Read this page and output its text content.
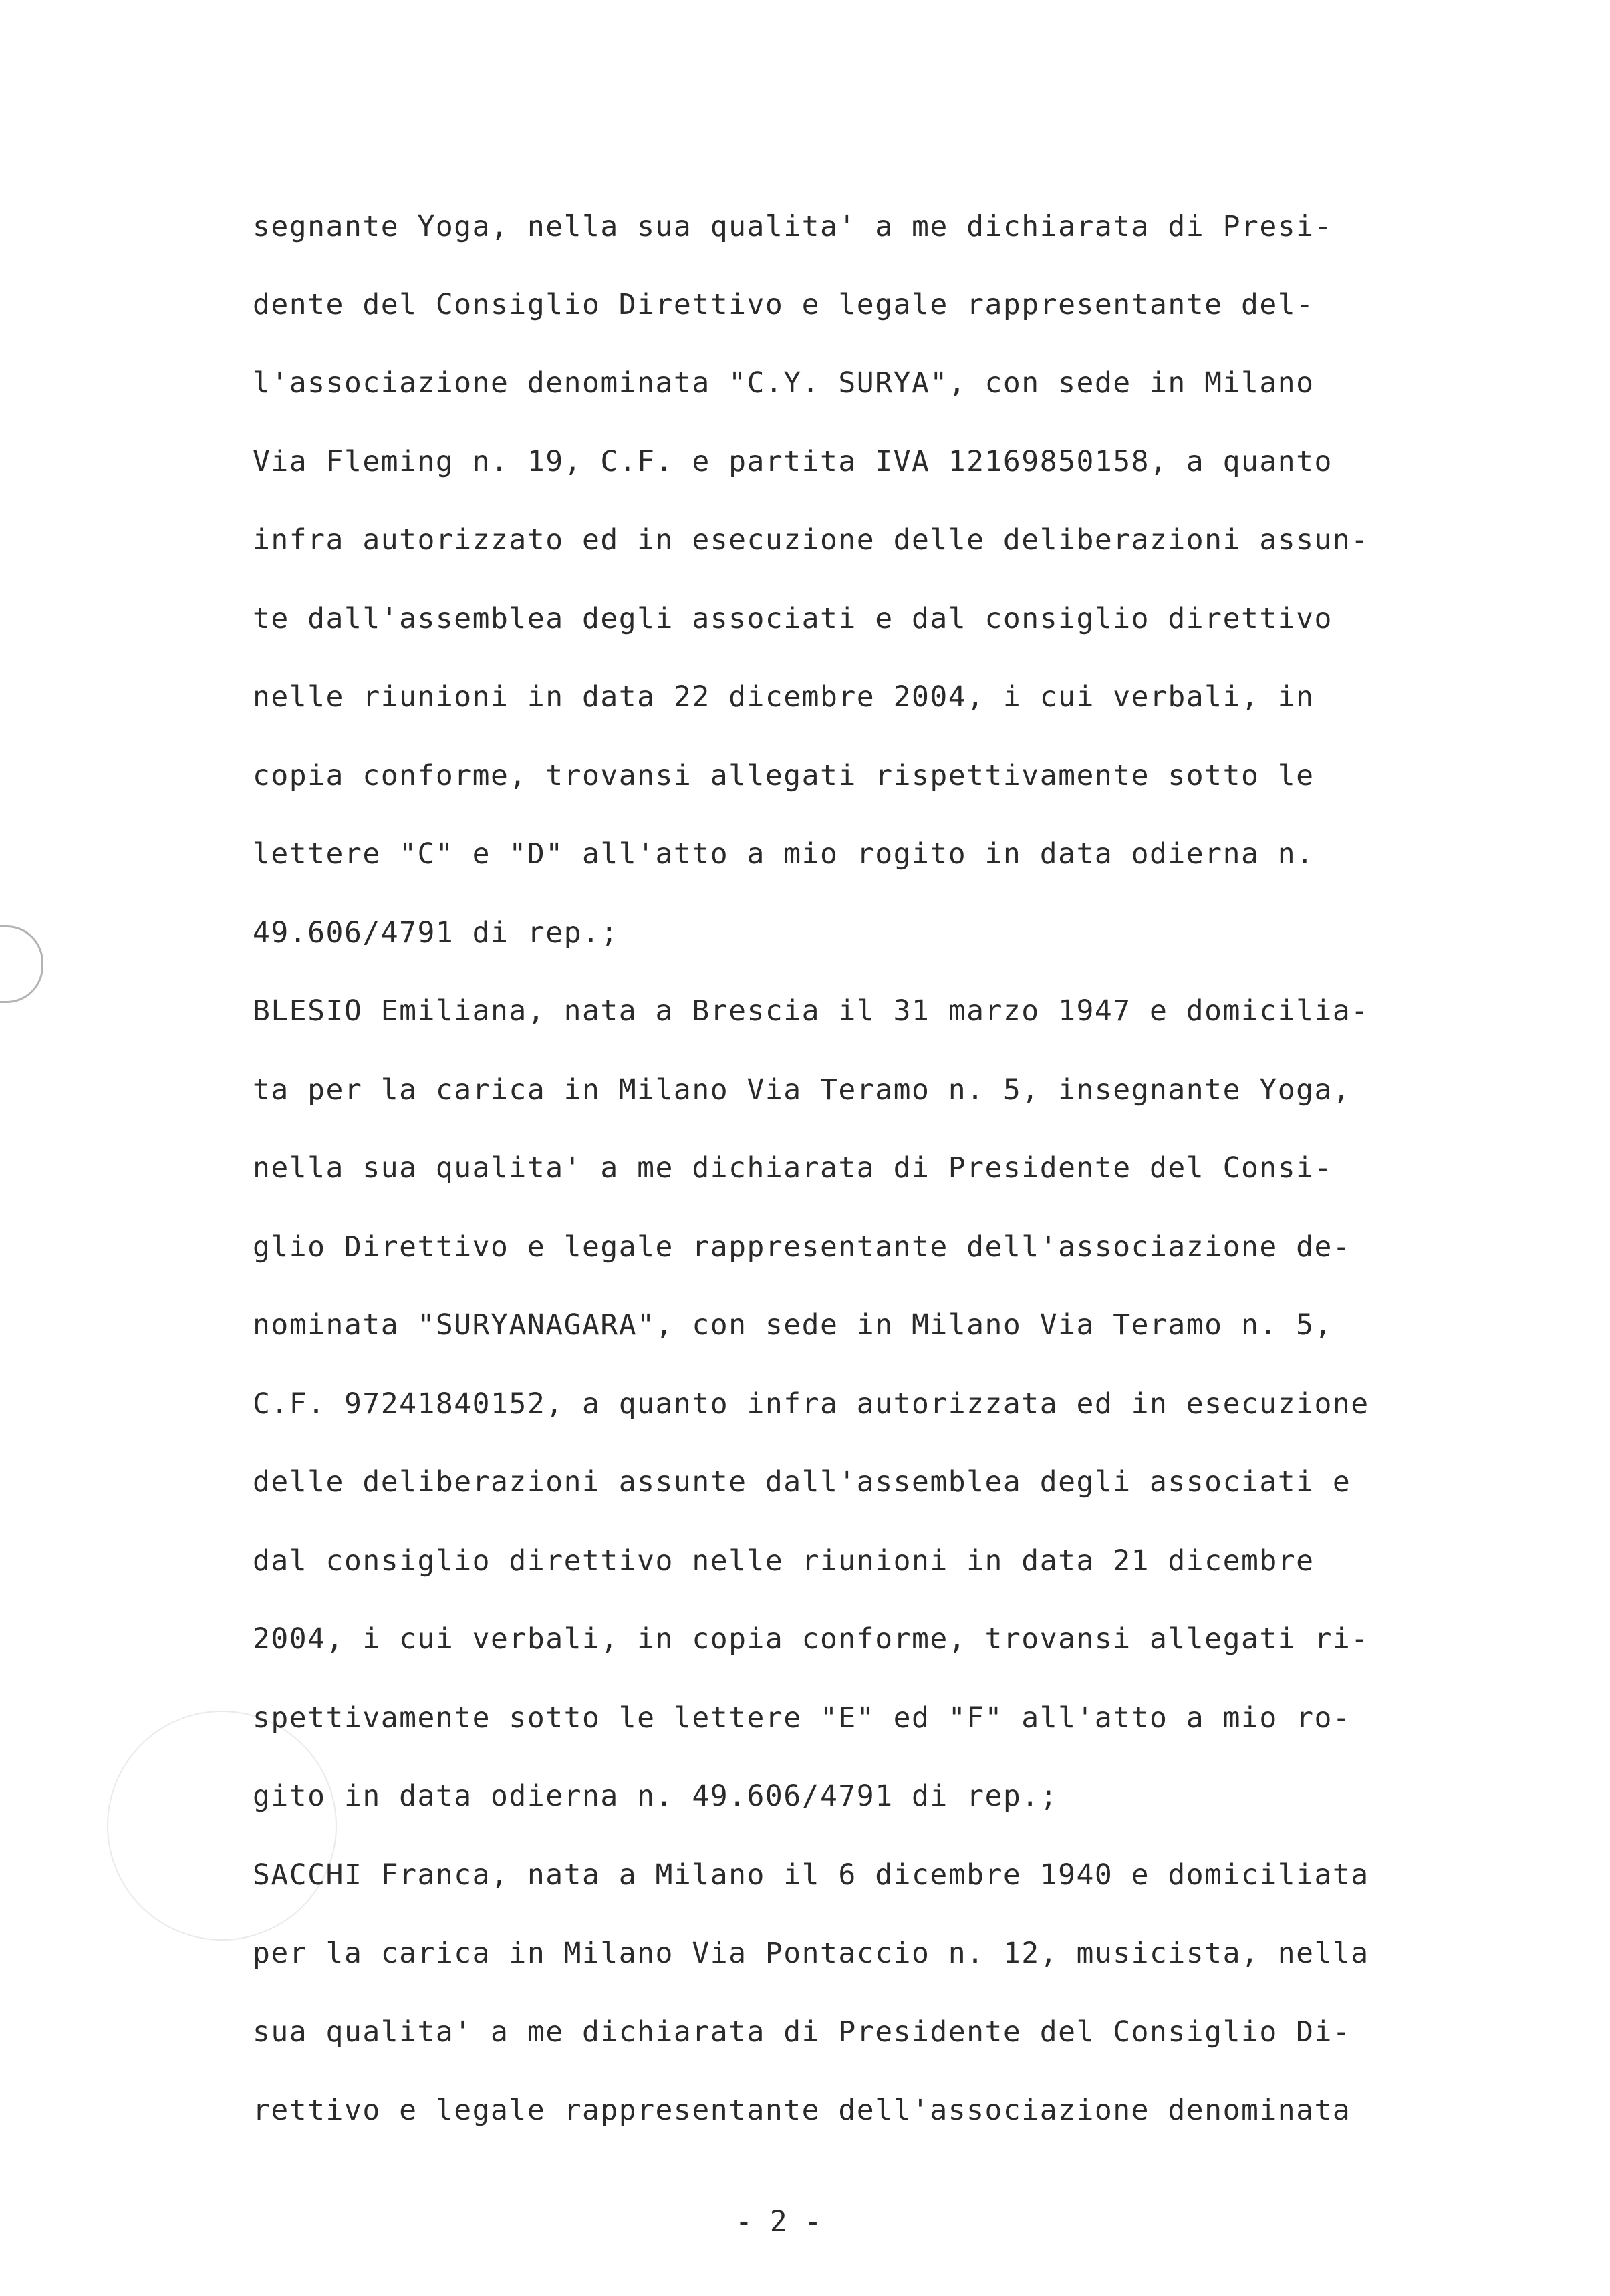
segnante Yoga, nella sua qualita' a me dichiarata di Presi-
dente del Consiglio Direttivo e legale rappresentante del-
l'associazione denominata "C.Y. SURYA", con sede in Milano
Via Fleming n. 19, C.F. e partita IVA 12169850158, a quanto
infra autorizzato ed in esecuzione delle deliberazioni assun-
te dall'assemblea degli associati e dal consiglio direttivo
nelle riunioni in data 22 dicembre 2004, i cui verbali, in
copia conforme, trovansi allegati rispettivamente sotto le
lettere "C" e "D" all'atto a mio rogito in data odierna n.
49.606/4791 di rep.;
BLESIO Emiliana, nata a Brescia il 31 marzo 1947 e domicilia-
ta per la carica in Milano Via Teramo n. 5, insegnante Yoga,
nella sua qualita' a me dichiarata di Presidente del Consi-
glio Direttivo e legale rappresentante dell'associazione de-
nominata "SURYANAGARA", con sede in Milano Via Teramo n. 5,
C.F. 97241840152, a quanto infra autorizzata ed in esecuzione
delle deliberazioni assunte dall'assemblea degli associati e
dal consiglio direttivo nelle riunioni in data 21 dicembre
2004, i cui verbali, in copia conforme, trovansi allegati ri-
spettivamente sotto le lettere "E" ed "F" all'atto a mio ro-
gito in data odierna n. 49.606/4791 di rep.;
SACCHI Franca, nata a Milano il 6 dicembre 1940 e domiciliata
per la carica in Milano Via Pontaccio n. 12, musicista, nella
sua qualita' a me dichiarata di Presidente del Consiglio Di-
rettivo e legale rappresentante dell'associazione denominata
- 2 -
